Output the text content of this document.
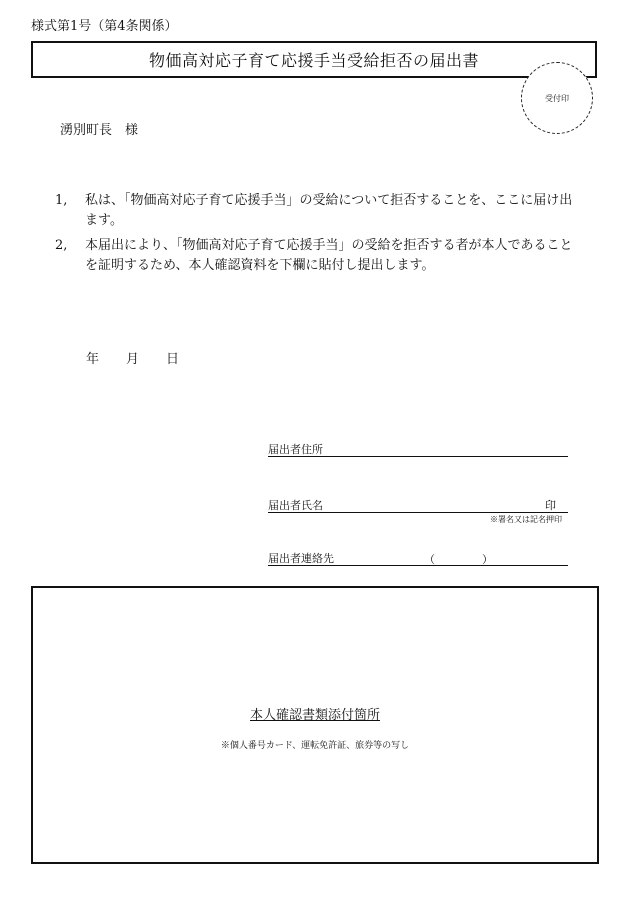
様式第1号（第4条関係）
物価高対応子育て応援手当受給拒否の届出書
受付印
湧別町長　様
1,	私は、「物価高対応子育て応援手当」の受給について拒否することを、ここに届け出ます。
2,	本届出により、「物価高対応子育て応援手当」の受給を拒否する者が本人であることを証明するため、本人確認資料を下欄に貼付し提出します。
年 月 日
届出者住所
届出者氏名	印
※署名又は記名押印
届出者連絡先	（	）
本人確認書類添付箇所
※個人番号カード、運転免許証、旅券等の写し
